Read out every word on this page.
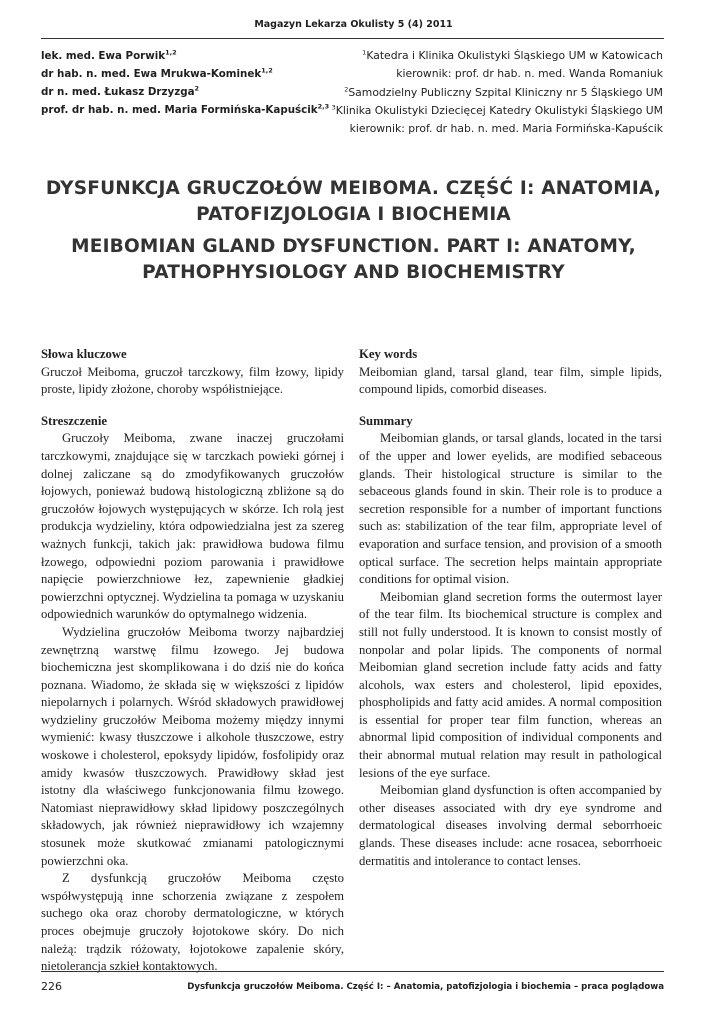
Magazyn Lekarza Okulisty 5 (4) 2011
lek. med. Ewa Porwik$^{1,2}$
dr hab. n. med. Ewa Mrukwa-Kominek$^{1,2}$
dr n. med. Łukasz Drzyzga$^2$
prof. dr hab. n. med. Maria Formińska-Kapuścik$^{2,3}$
$^1$Katedra i Klinika Okulistyki Śląskiego UM w Katowicach
kierownik: prof. dr hab. n. med. Wanda Romaniuk
$^2$Samodzielny Publiczny Szpital Kliniczny nr 5 Śląskiego UM
$^3$Klinika Okulistyki Dziecięcej Katedry Okulistyki Śląskiego UM
kierownik: prof. dr hab. n. med. Maria Formińska-Kapuścik
DYSFUNKCJA GRUCZOŁÓW MEIBOMA. CZĘŚĆ I: ANATOMIA,
PATOFIZJOLOGIA I BIOCHEMIA
MEIBOMIAN GLAND DYSFUNCTION. PART I: ANATOMY,
PATHOPHYSIOLOGY AND BIOCHEMISTRY
Słowa kluczowe
Gruczoł Meiboma, gruczoł tarczkowy, film łzowy, lipidy proste, lipidy złożone, choroby współistniejące.
Streszczenie
Gruczoły Meiboma, zwane inaczej gruczołami tarczkowymi, znajdujące się w tarczkach powieki górnej i dolnej zaliczane są do zmodyfikowanych gruczołów łojowych, ponieważ budową histologiczną zbliżone są do gruczołów łojowych występujących w skórze. Ich rolą jest produkcja wydzieliny, która odpowiedzialna jest za szereg ważnych funkcji, takich jak: prawidłowa budowa filmu łzowego, odpowiedni poziom parowania i prawidłowe napięcie powierzchniowe łez, zapewnienie gładkiej powierzchni optycznej. Wydzielina ta pomaga w uzyskaniu odpowiednich warunków do optymalnego widzenia.
Wydzielina gruczołów Meiboma tworzy najbardziej zewnętrzną warstwę filmu łzowego. Jej budowa biochemiczna jest skomplikowana i do dziś nie do końca poznana. Wiadomo, że składa się w większości z lipidów niepolarnych i polarnych. Wśród składowych prawidłowej wydzieliny gruczołów Meiboma możemy między innymi wymienić: kwasy tłuszczowe i alkohole tłuszczowe, estry woskowe i cholesterol, epoksydy lipidów, fosfolipidy oraz amidy kwasów tłuszczowych. Prawidłowy skład jest istotny dla właściwego funkcjonowania filmu łzowego. Natomiast nieprawidłowy skład lipidowy poszczególnych składowych, jak również nieprawidłowy ich wzajemny stosunek może skutkować zmianami patologicznymi powierzchni oka.
Z dysfunkcją gruczołów Meiboma często współwystępują inne schorzenia związane z zespołem suchego oka oraz choroby dermatologiczne, w których proces obejmuje gruczoły łojotokowe skóry. Do nich należą: trądzik różowaty, łojotokowe zapalenie skóry, nietolerancja szkieł kontaktowych.
Key words
Meibomian gland, tarsal gland, tear film, simple lipids, compound lipids, comorbid diseases.
Summary
Meibomian glands, or tarsal glands, located in the tarsi of the upper and lower eyelids, are modified sebaceous glands. Their histological structure is similar to the sebaceous glands found in skin. Their role is to produce a secretion responsible for a number of important functions such as: stabilization of the tear film, appropriate level of evaporation and surface tension, and provision of a smooth optical surface. The secretion helps maintain appropriate conditions for optimal vision.
Meibomian gland secretion forms the outermost layer of the tear film. Its biochemical structure is complex and still not fully understood. It is known to consist mostly of nonpolar and polar lipids. The components of normal Meibomian gland secretion include fatty acids and fatty alcohols, wax esters and cholesterol, lipid epoxides, phospholipids and fatty acid amides. A normal composition is essential for proper tear film function, whereas an abnormal lipid composition of individual components and their abnormal mutual relation may result in pathological lesions of the eye surface.
Meibomian gland dysfunction is often accompanied by other diseases associated with dry eye syndrome and dermatological diseases involving dermal seborrhoeic glands. These diseases include: acne rosacea, seborrhoeic dermatitis and intolerance to contact lenses.
226	Dysfunkcja gruczołów Meiboma. Część I: – Anatomia, patofizjologia i biochemia – praca poglądowa
